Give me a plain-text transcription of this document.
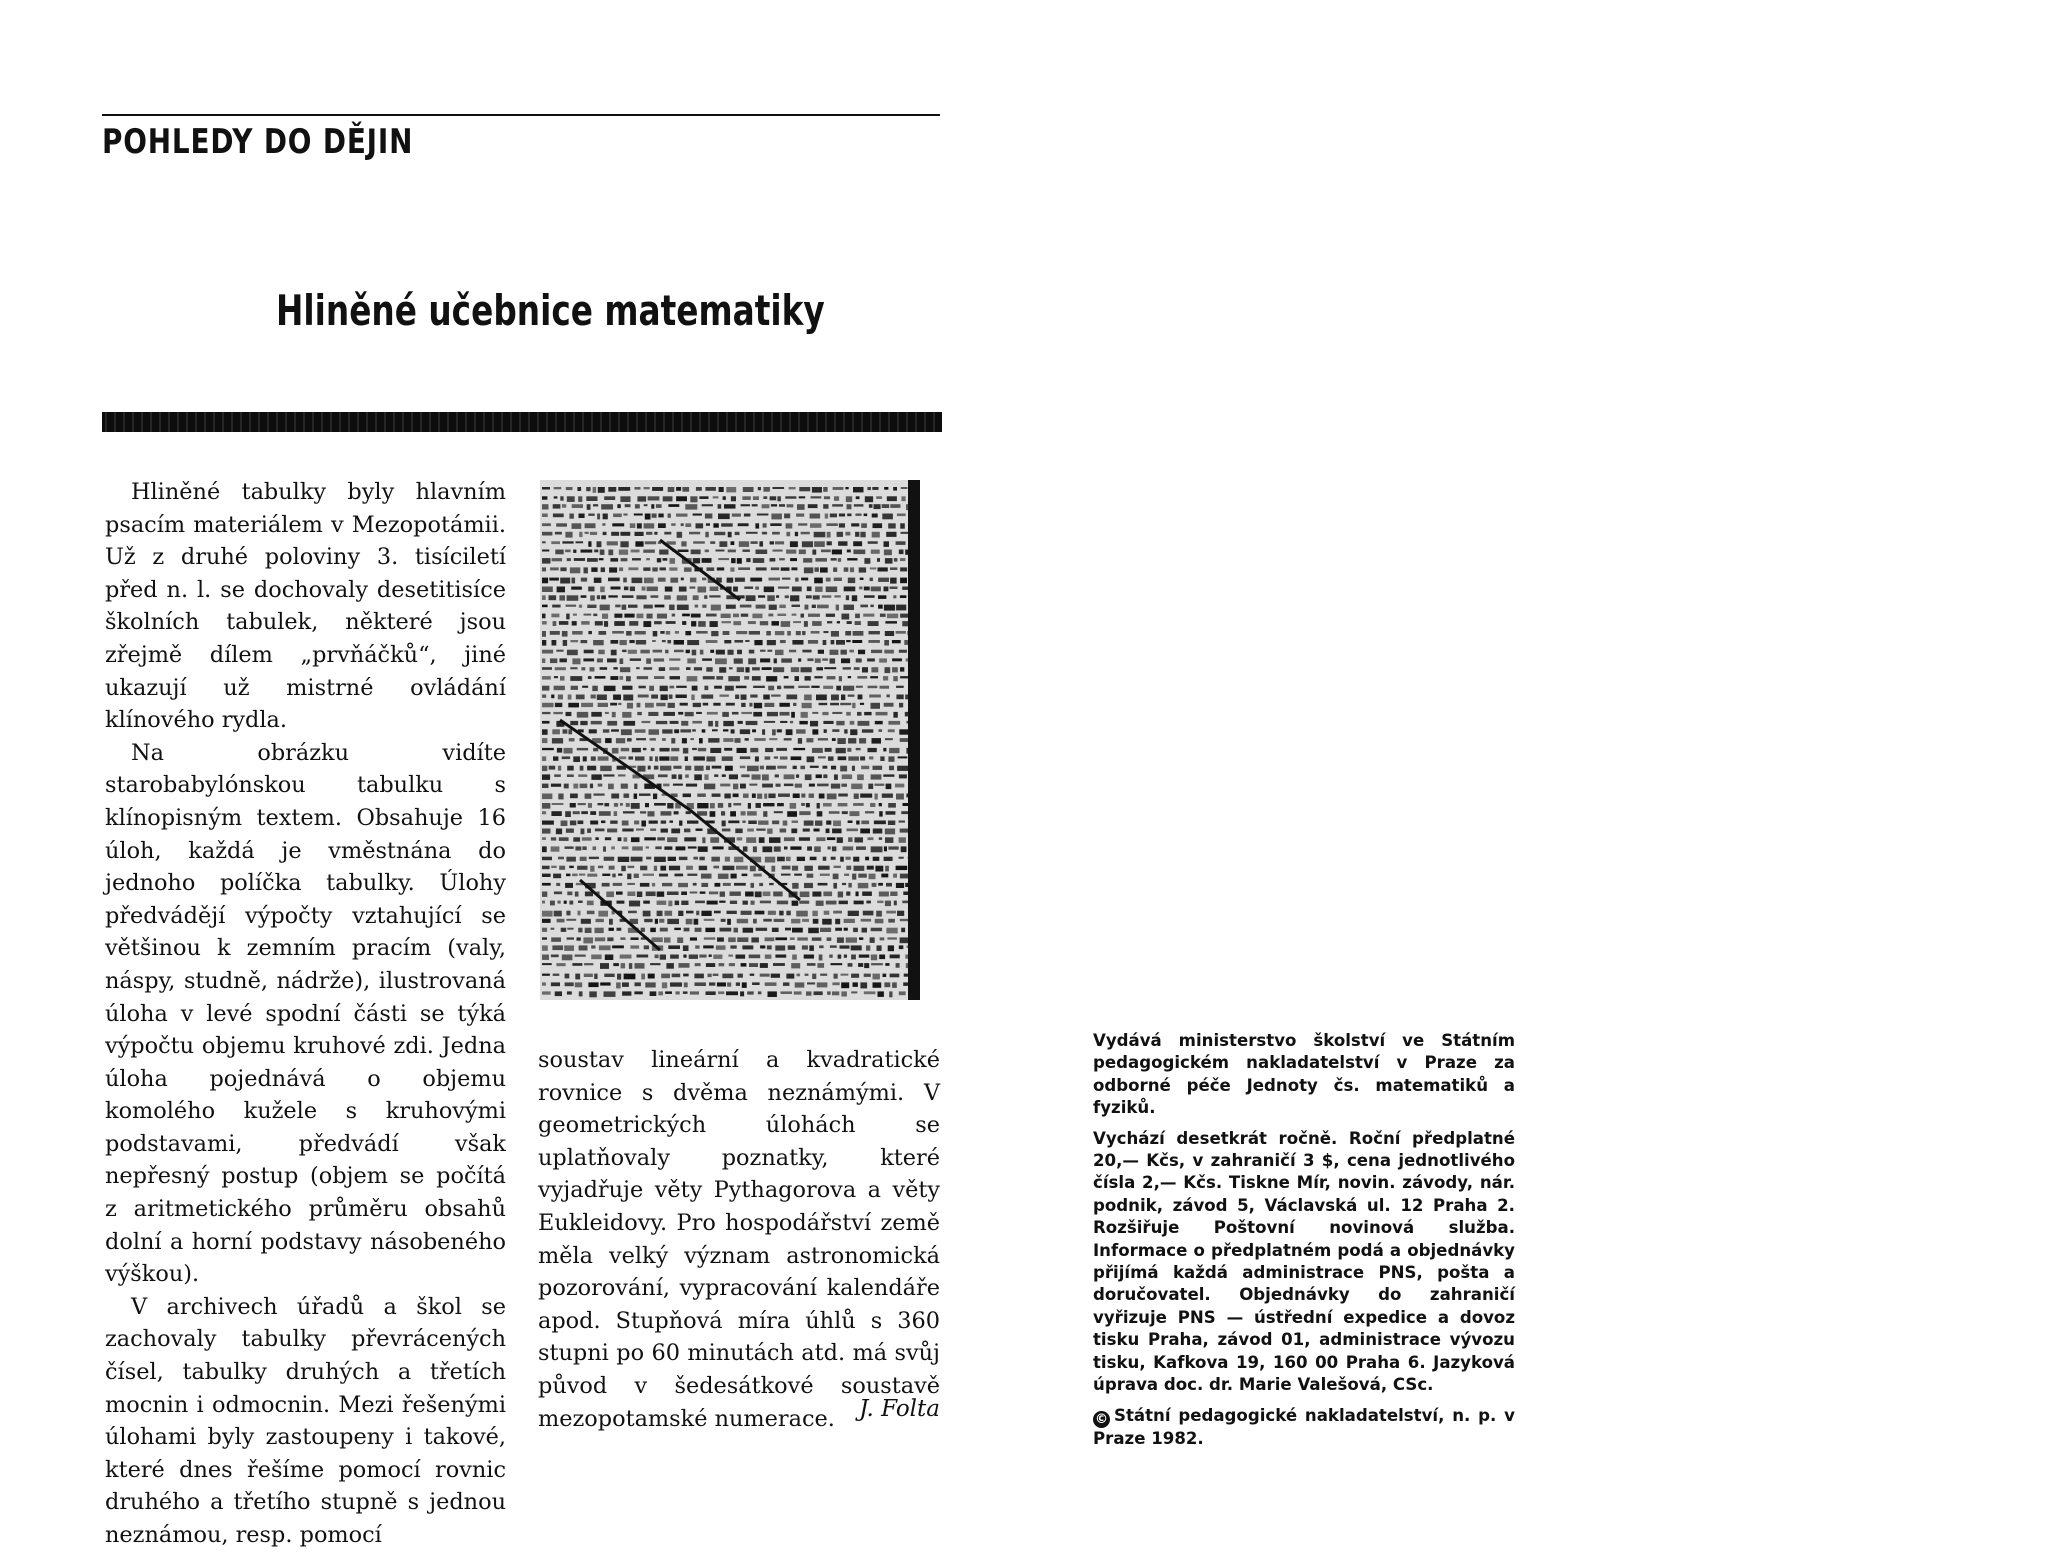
POHLEDY DO DĚJIN
Hliněné učebnice matematiky

Hliněné tabulky byly hlavním psacím materiálem v Mezopotámii. Už z druhé poloviny 3. tisíciletí před n. l. se dochovaly desetitisíce školních tabulek, některé jsou zřejmě dílem „prvňáčků“, jiné ukazují už mistrné ovládání klínového rydla.

Na obrázku vidíte starobabylónskou tabulku s klínopisným textem. Obsahuje 16 úloh, každá je vměstnána do jednoho políčka tabulky. Úlohy předvádějí výpočty vztahující se většinou k zemním pracím (valy, náspy, studně, nádrže), ilustrovaná úloha v levé spodní části se týká výpočtu objemu kruhové zdi. Jedna úloha pojednává o objemu komolého kužele s kruhovými podstavami, předvádí však nepřesný postup (objem se počítá z aritmetického průměru obsahů dolní a horní podstavy násobeného výškou).

V archivech úřadů a škol se zachovaly tabulky převrácených čísel, tabulky druhých a třetích mocnin i odmocnin. Mezi řešenými úlohami byly zastoupeny i takové, které dnes řešíme pomocí rovnic druhého a třetího stupně s jednou neznámou, resp. pomocí

soustav lineární a kvadratické rovnice s dvěma neznámými. V geometrických úlohách se uplatňovaly poznatky, které vyjadřuje věty Pythagorova a věty Eukleidovy. Pro hospodářství země měla velký význam astronomická pozorování, vypracování kalendáře apod. Stupňová míra úhlů s 360 stupni po 60 minutách atd. má svůj původ v šedesátkové soustavě mezopotamské numerace.	J. Folta

Vydává ministerstvo školství ve Státním pedagogickém nakladatelství v Praze za odborné péče Jednoty čs. matematiků a fyziků.

Vychází desetkrát ročně. Roční předplatné 20,— Kčs, v zahraničí 3 $, cena jednotlivého čísla 2,— Kčs. Tiskne Mír, novin. závody, nár. podnik, závod 5, Václavská ul. 12 Praha 2. Rozšiřuje Poštovní novinová služba. Informace o předplatném podá a objednávky přijímá každá administrace PNS, pošta a doručovatel. Objednávky do zahraničí vyřizuje PNS — ústřední expedice a dovoz tisku Praha, závod 01, administrace vývozu tisku, Kafkova 19, 160 00 Praha 6. Jazyková úprava doc. dr. Marie Valešová, CSc.

© Státní pedagogické nakladatelství, n. p. v Praze 1982.
